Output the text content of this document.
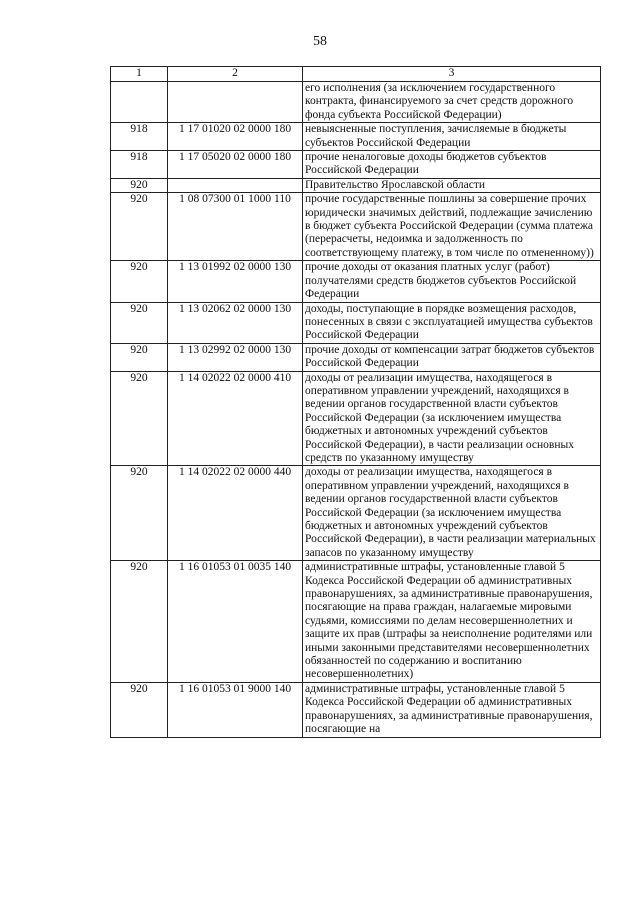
58
1	2	3
		его исполнения (за исключением государственного контракта, финансируемого за счет средств дорожного фонда субъекта Российской Федерации)
918	1 17 01020 02 0000 180	невыясненные поступления, зачисляемые в бюджеты субъектов Российской Федерации
918	1 17 05020 02 0000 180	прочие неналоговые доходы бюджетов субъектов Российской Федерации
920		Правительство Ярославской области
920	1 08 07300 01 1000 110	прочие государственные пошлины за совершение прочих юридически значимых действий, подлежащие зачислению в бюджет субъекта Российской Федерации (сумма платежа (перерасчеты, недоимка и задолженность по соответствующему платежу, в том числе по отмененному))
920	1 13 01992 02 0000 130	прочие доходы от оказания платных услуг (работ) получателями средств бюджетов субъектов Российской Федерации
920	1 13 02062 02 0000 130	доходы, поступающие в порядке возмещения расходов, понесенных в связи с эксплуатацией имущества субъектов Российской Федерации
920	1 13 02992 02 0000 130	прочие доходы от компенсации затрат бюджетов субъектов Российской Федерации
920	1 14 02022 02 0000 410	доходы от реализации имущества, находящегося в оперативном управлении учреждений, находящихся в ведении органов государственной власти субъектов Российской Федерации (за исключением имущества бюджетных и автономных учреждений субъектов Российской Федерации), в части реализации основных средств по указанному имуществу
920	1 14 02022 02 0000 440	доходы от реализации имущества, находящегося в оперативном управлении учреждений, находящихся в ведении органов государственной власти субъектов Российской Федерации (за исключением имущества бюджетных и автономных учреждений субъектов Российской Федерации), в части реализации материальных запасов по указанному имуществу
920	1 16 01053 01 0035 140	административные штрафы, установленные главой 5 Кодекса Российской Федерации об административных правонарушениях, за административные правонарушения, посягающие на права граждан, налагаемые мировыми судьями, комиссиями по делам несовершеннолетних и защите их прав (штрафы за неисполнение родителями или иными законными представителями несовершеннолетних обязанностей по содержанию и воспитанию несовершеннолетних)
920	1 16 01053 01 9000 140	административные штрафы, установленные главой 5 Кодекса Российской Федерации об административных правонарушениях, за административные правонарушения, посягающие на
